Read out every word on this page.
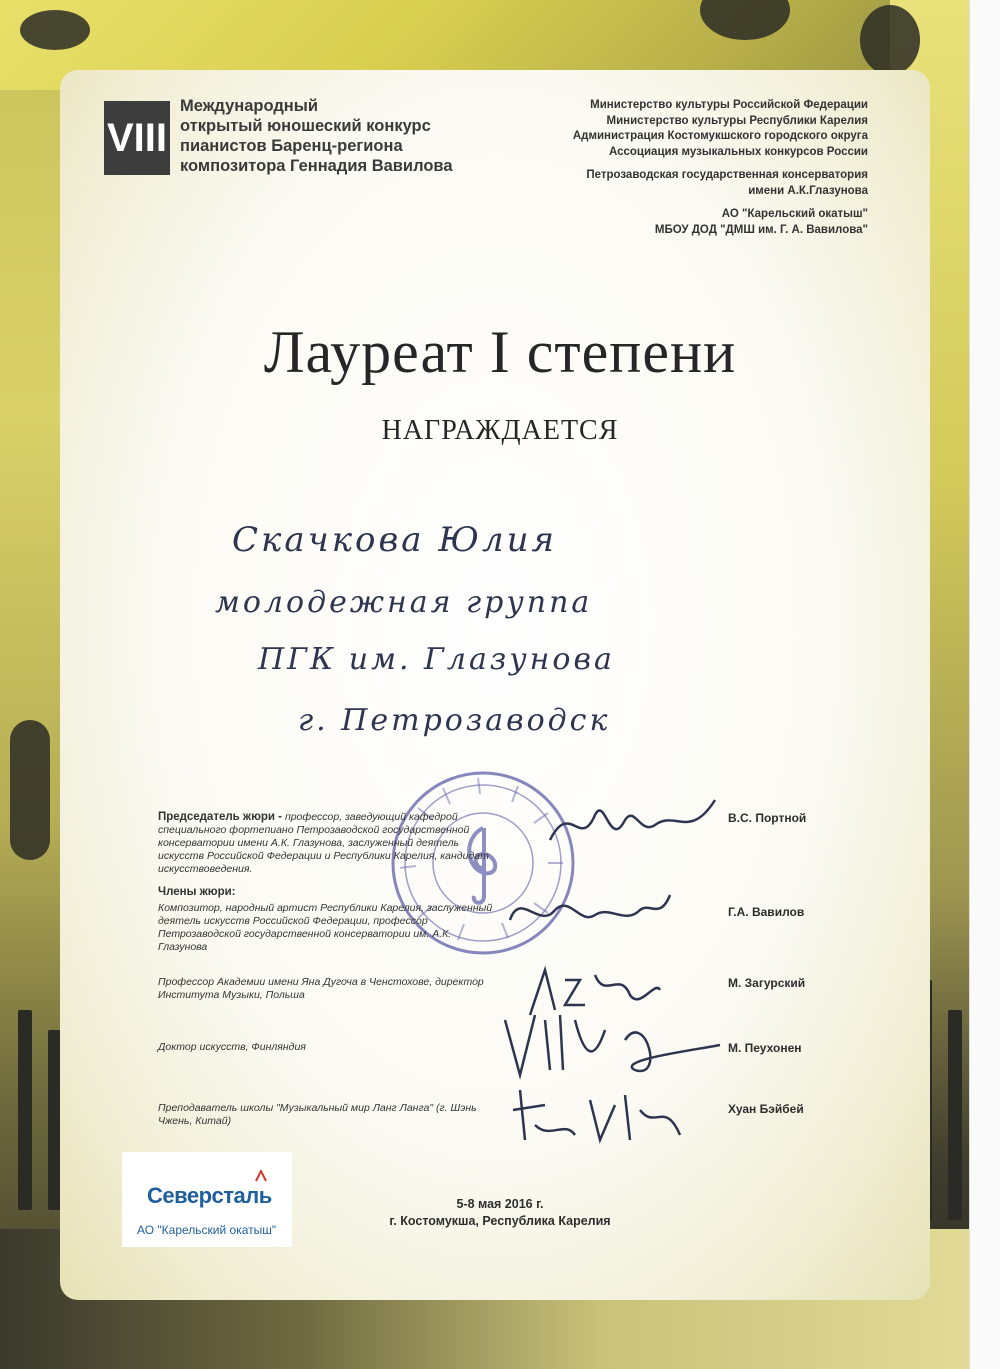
VIII
Международный
открытый юношеский конкурс
пианистов Баренц-региона
композитора Геннадия Вавилова
Министерство культуры Российской Федерации
Министерство культуры Республики Карелия
Администрация Костомукшского городского округа
Ассоциация музыкальных конкурсов России
Петрозаводская государственная консерватория
имени А.К.Глазунова
АО "Карельский окатыш"
МБОУ ДОД "ДМШ им. Г. А. Вавилова"
Лауреат I степени
НАГРАЖДАЕТСЯ
Скачкова Юлия
молодежная группа
ПГК им. Глазунова
г. Петрозаводск
Председатель жюри - профессор, заведующий кафедрой специального фортепиано Петрозаводской государственной консерватории имени А.К. Глазунова, заслуженный деятель искусств Российской Федерации и Республики Карелия, кандидат искусствоведения.
В.С. Портной
Члены жюри:
Композитор, народный артист Республики Карелия, заслуженный деятель искусств Российской Федерации, профессор Петрозаводской государственной консерватории им. А.К. Глазунова
Г.А. Вавилов
Профессор Академии имени Яна Дугоча в Ченстохове, директор Института Музыки, Польша
М. Загурский
Доктор искусств, Финляндия	М. Пеухонен
Преподаватель школы "Музыкальный мир Ланг Ланга" (г. Шэнь Чжень, Китай)
Хуан Бэйбей
Северсталь
АО "Карельский окатыш"
5-8 мая 2016 г.
г. Костомукша, Республика Карелия
